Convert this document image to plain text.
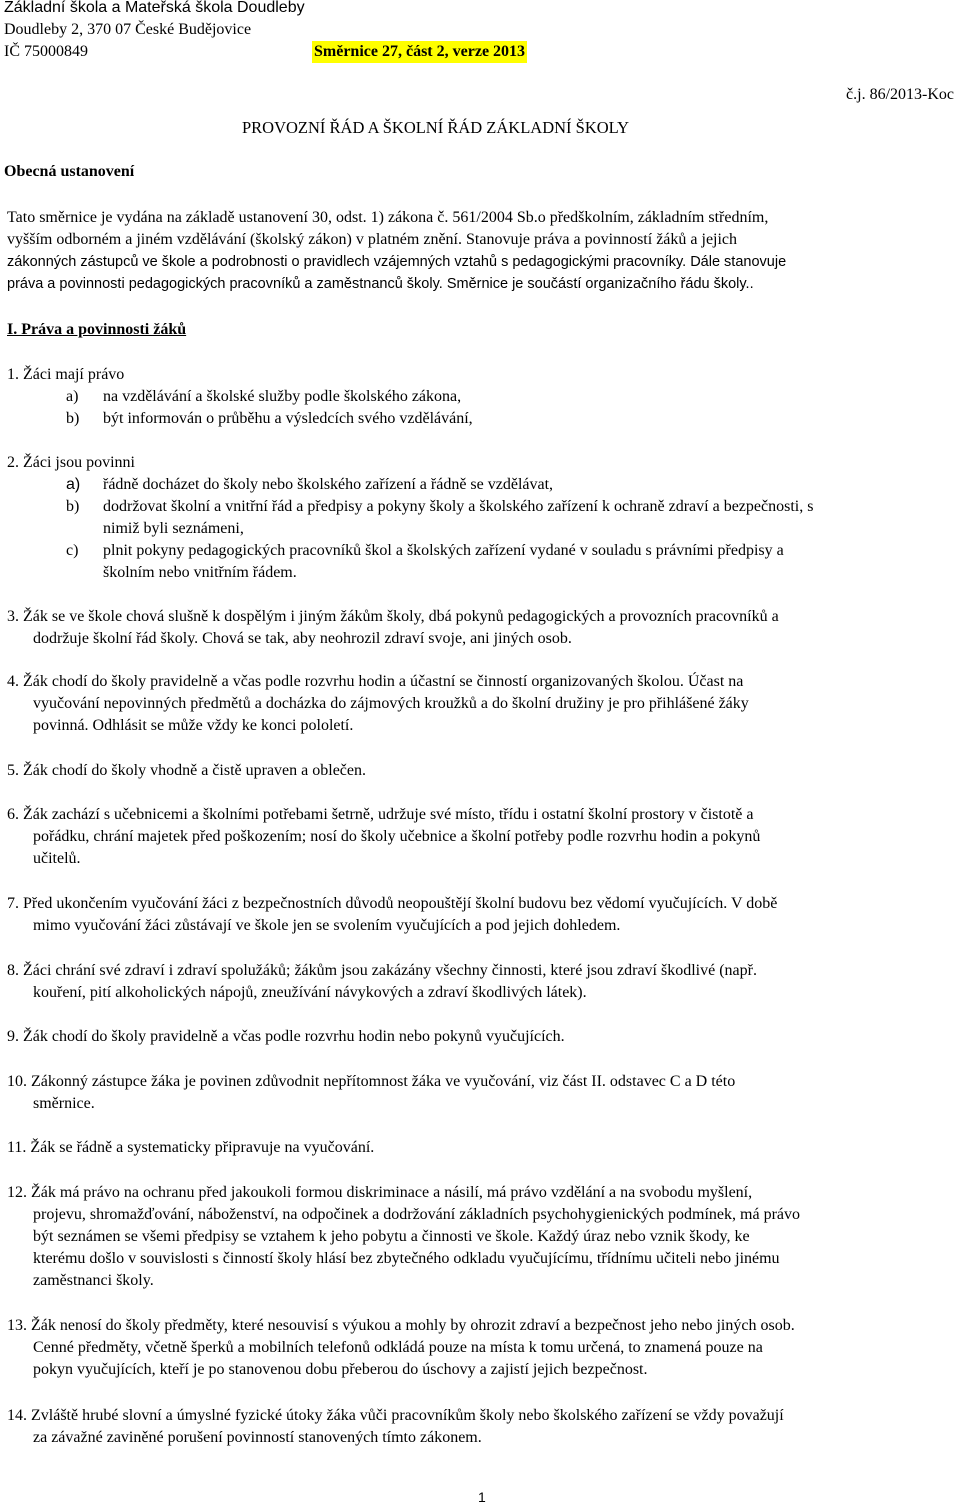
Základní škola a Mateřská škola Doudleby
Doudleby 2, 370 07 České Budějovice
IČ 75000849	Směrnice 27, část 2, verze 2013
č.j. 86/2013-Koc
PROVOZNÍ ŘÁD A ŠKOLNÍ ŘÁD ZÁKLADNÍ ŠKOLY
Obecná ustanovení
Tato směrnice je vydána na základě ustanovení 30, odst. 1) zákona č. 561/2004 Sb.o předškolním, základním středním,
vyšším odborném a jiném vzdělávání (školský zákon) v platném znění. Stanovuje práva a povinností žáků a jejich
zákonných zástupců ve škole a podrobnosti o pravidlech vzájemných vztahů s pedagogickými pracovníky. Dále stanovuje
práva a povinnosti pedagogických pracovníků a zaměstnanců školy. Směrnice je součástí organizačního řádu školy..
I. Práva a povinnosti žáků
1. Žáci mají právo
a) na vzdělávání a školské služby podle školského zákona,
b) být informován o průběhu a výsledcích svého vzdělávání,
2. Žáci jsou povinni
a) řádně docházet do školy nebo školského zařízení a řádně se vzdělávat,
b) dodržovat školní a vnitřní řád a předpisy a pokyny školy a školského zařízení k ochraně zdraví a bezpečnosti, s
nimiž byli seznámeni,
c) plnit pokyny pedagogických pracovníků škol a školských zařízení vydané v souladu s právními předpisy a
školním nebo vnitřním řádem.
3. Žák se ve škole chová slušně k dospělým i jiným žákům školy, dbá pokynů pedagogických a provozních pracovníků a
dodržuje školní řád školy. Chová se tak, aby neohrozil zdraví svoje, ani jiných osob.
4. Žák chodí do školy pravidelně a včas podle rozvrhu hodin a účastní se činností organizovaných školou. Účast na
vyučování nepovinných předmětů a docházka do zájmových kroužků a do školní družiny je pro přihlášené žáky
povinná. Odhlásit se může vždy ke konci pololetí.
5. Žák chodí do školy vhodně a čistě upraven a oblečen.
6. Žák zachází s učebnicemi a školními potřebami šetrně, udržuje své místo, třídu i ostatní školní prostory v čistotě a
pořádku, chrání majetek před poškozením; nosí do školy učebnice a školní potřeby podle rozvrhu hodin a pokynů
učitelů.
7. Před ukončením vyučování žáci z bezpečnostních důvodů neopouštějí školní budovu bez vědomí vyučujících. V době
mimo vyučování žáci zůstávají ve škole jen se svolením vyučujících a pod jejich dohledem.
8. Žáci chrání své zdraví i zdraví spolužáků; žákům jsou zakázány všechny činnosti, které jsou zdraví škodlivé (např.
kouření, pití alkoholických nápojů, zneužívání návykových a zdraví škodlivých látek).
9. Žák chodí do školy pravidelně a včas podle rozvrhu hodin nebo pokynů vyučujících.
10. Zákonný zástupce žáka je povinen zdůvodnit nepřítomnost žáka ve vyučování, viz část II. odstavec C a D této
směrnice.
11. Žák se řádně a systematicky připravuje na vyučování.
12. Žák má právo na ochranu před jakoukoli formou diskriminace a násilí, má právo vzdělání a na svobodu myšlení,
projevu, shromažďování, náboženství, na odpočinek a dodržování základních psychohygienických podmínek, má právo
být seznámen se všemi předpisy se vztahem k jeho pobytu a činnosti ve škole. Každý úraz nebo vznik škody, ke
kterému došlo v souvislosti s činností školy hlásí bez zbytečného odkladu vyučujícímu, třídnímu učiteli nebo jinému
zaměstnanci školy.
13. Žák nenosí do školy předměty, které nesouvisí s výukou a mohly by ohrozit zdraví a bezpečnost jeho nebo jiných osob.
Cenné předměty, včetně šperků a mobilních telefonů odkládá pouze na místa k tomu určená, to znamená pouze na
pokyn vyučujících, kteří je po stanovenou dobu přeberou do úschovy a zajistí jejich bezpečnost.
14. Zvláště hrubé slovní a úmyslné fyzické útoky žáka vůči pracovníkům školy nebo školského zařízení se vždy považují
za závažné zaviněné porušení povinností stanovených tímto zákonem.
1
